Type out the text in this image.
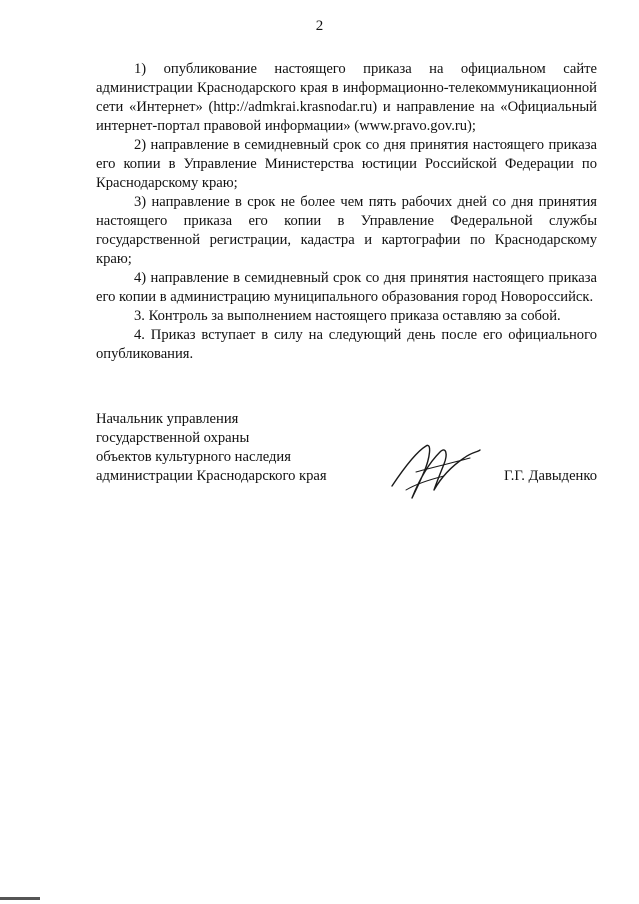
2

1) опубликование настоящего приказа на официальном сайте администрации Краснодарского края в информационно-телекоммуникационной сети «Интернет» (http://admkrai.krasnodar.ru) и направление на «Официальный интернет-портал правовой информации» (www.pravo.gov.ru);

2) направление в семидневный срок со дня принятия настоящего приказа его копии в Управление Министерства юстиции Российской Федерации по Краснодарскому краю;

3) направление в срок не более чем пять рабочих дней со дня принятия настоящего приказа его копии в Управление Федеральной службы государственной регистрации, кадастра и картографии по Краснодарскому краю;

4) направление в семидневный срок со дня принятия настоящего приказа его копии в администрацию муниципального образования город Новороссийск.

3. Контроль за выполнением настоящего приказа оставляю за собой.

4. Приказ вступает в силу на следующий день после его официального опубликования.

Начальник управления
государственной охраны
объектов культурного наследия
администрации Краснодарского края	Г.Г. Давыденко
